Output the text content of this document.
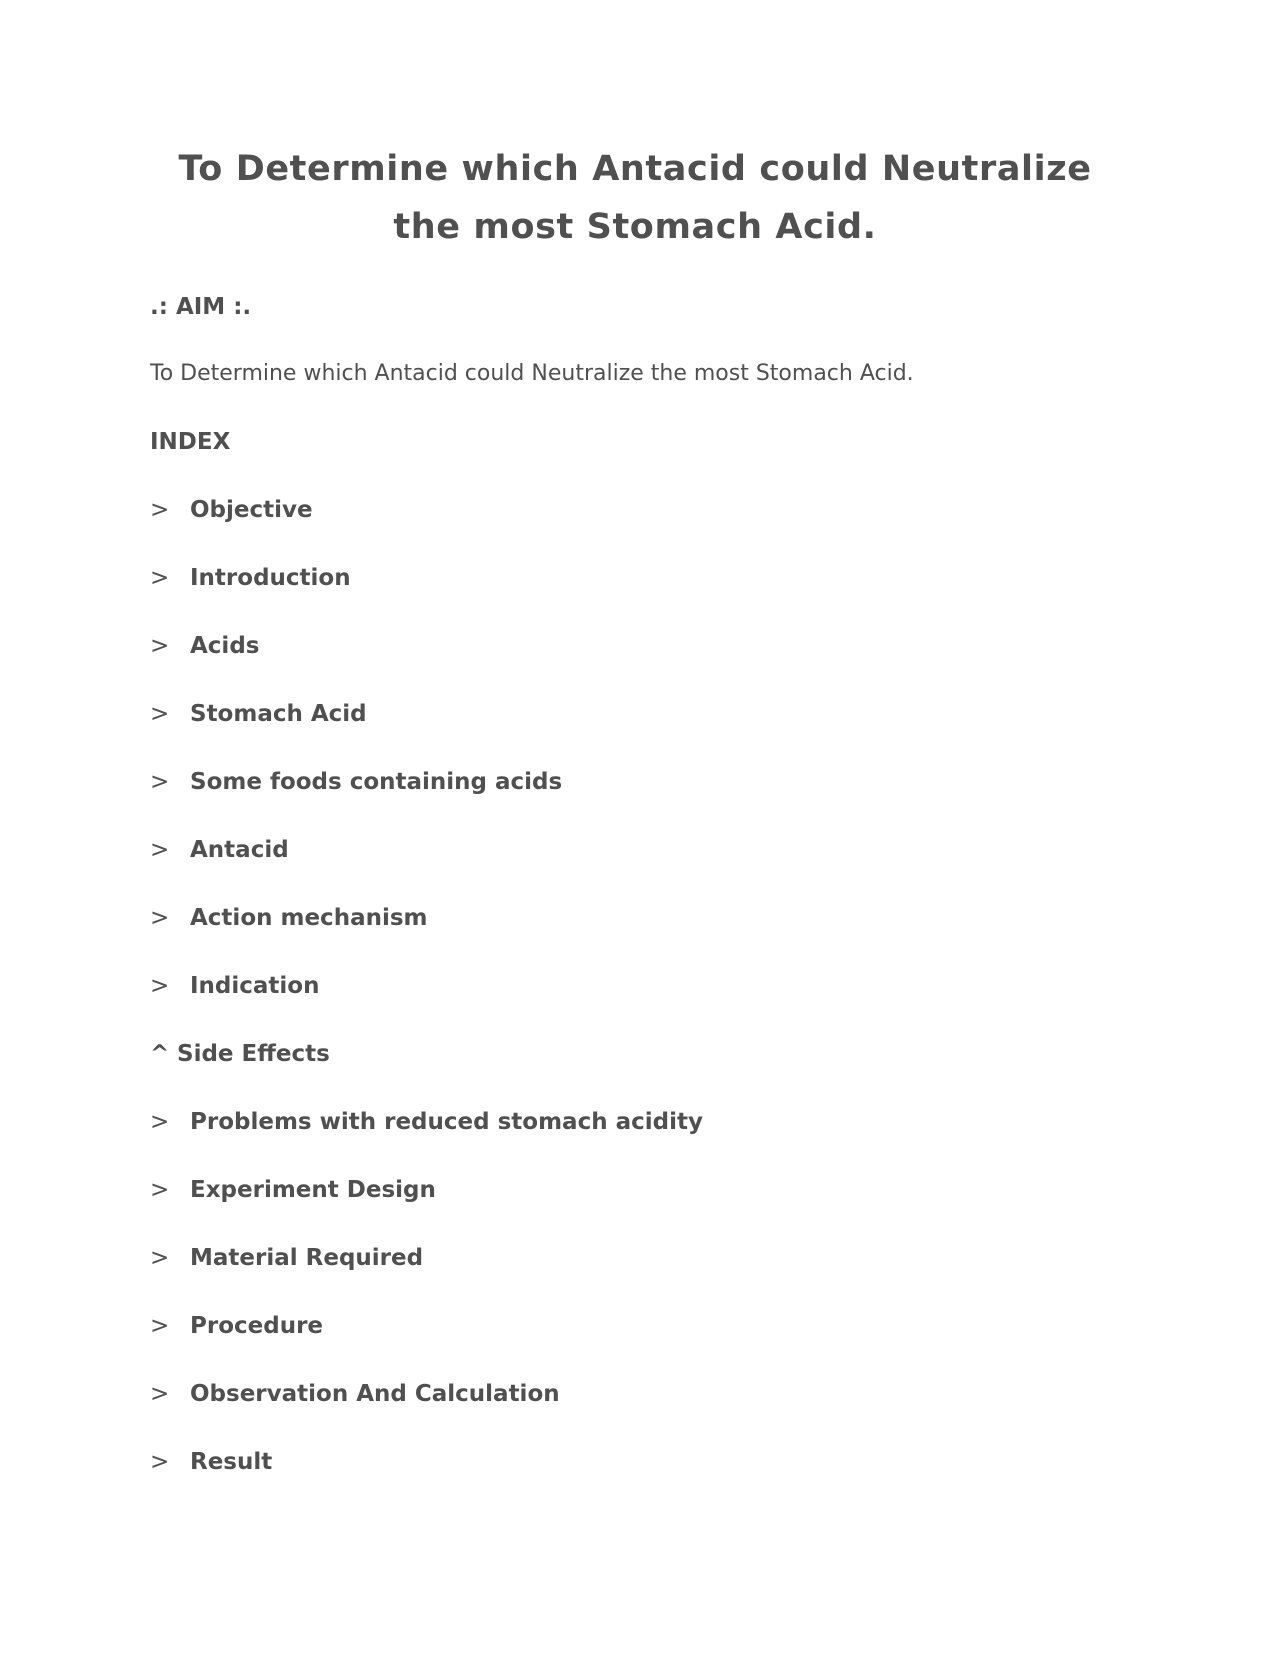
To Determine which Antacid could Neutralize the most Stomach Acid.
.: AIM :.

To Determine which Antacid could Neutralize the most Stomach Acid.

INDEX
> Objective
> Introduction
> Acids
> Stomach Acid
> Some foods containing acids
> Antacid
> Action mechanism
> Indication
^ Side Effects
> Problems with reduced stomach acidity
> Experiment Design
> Material Required
> Procedure
> Observation And Calculation
> Result
